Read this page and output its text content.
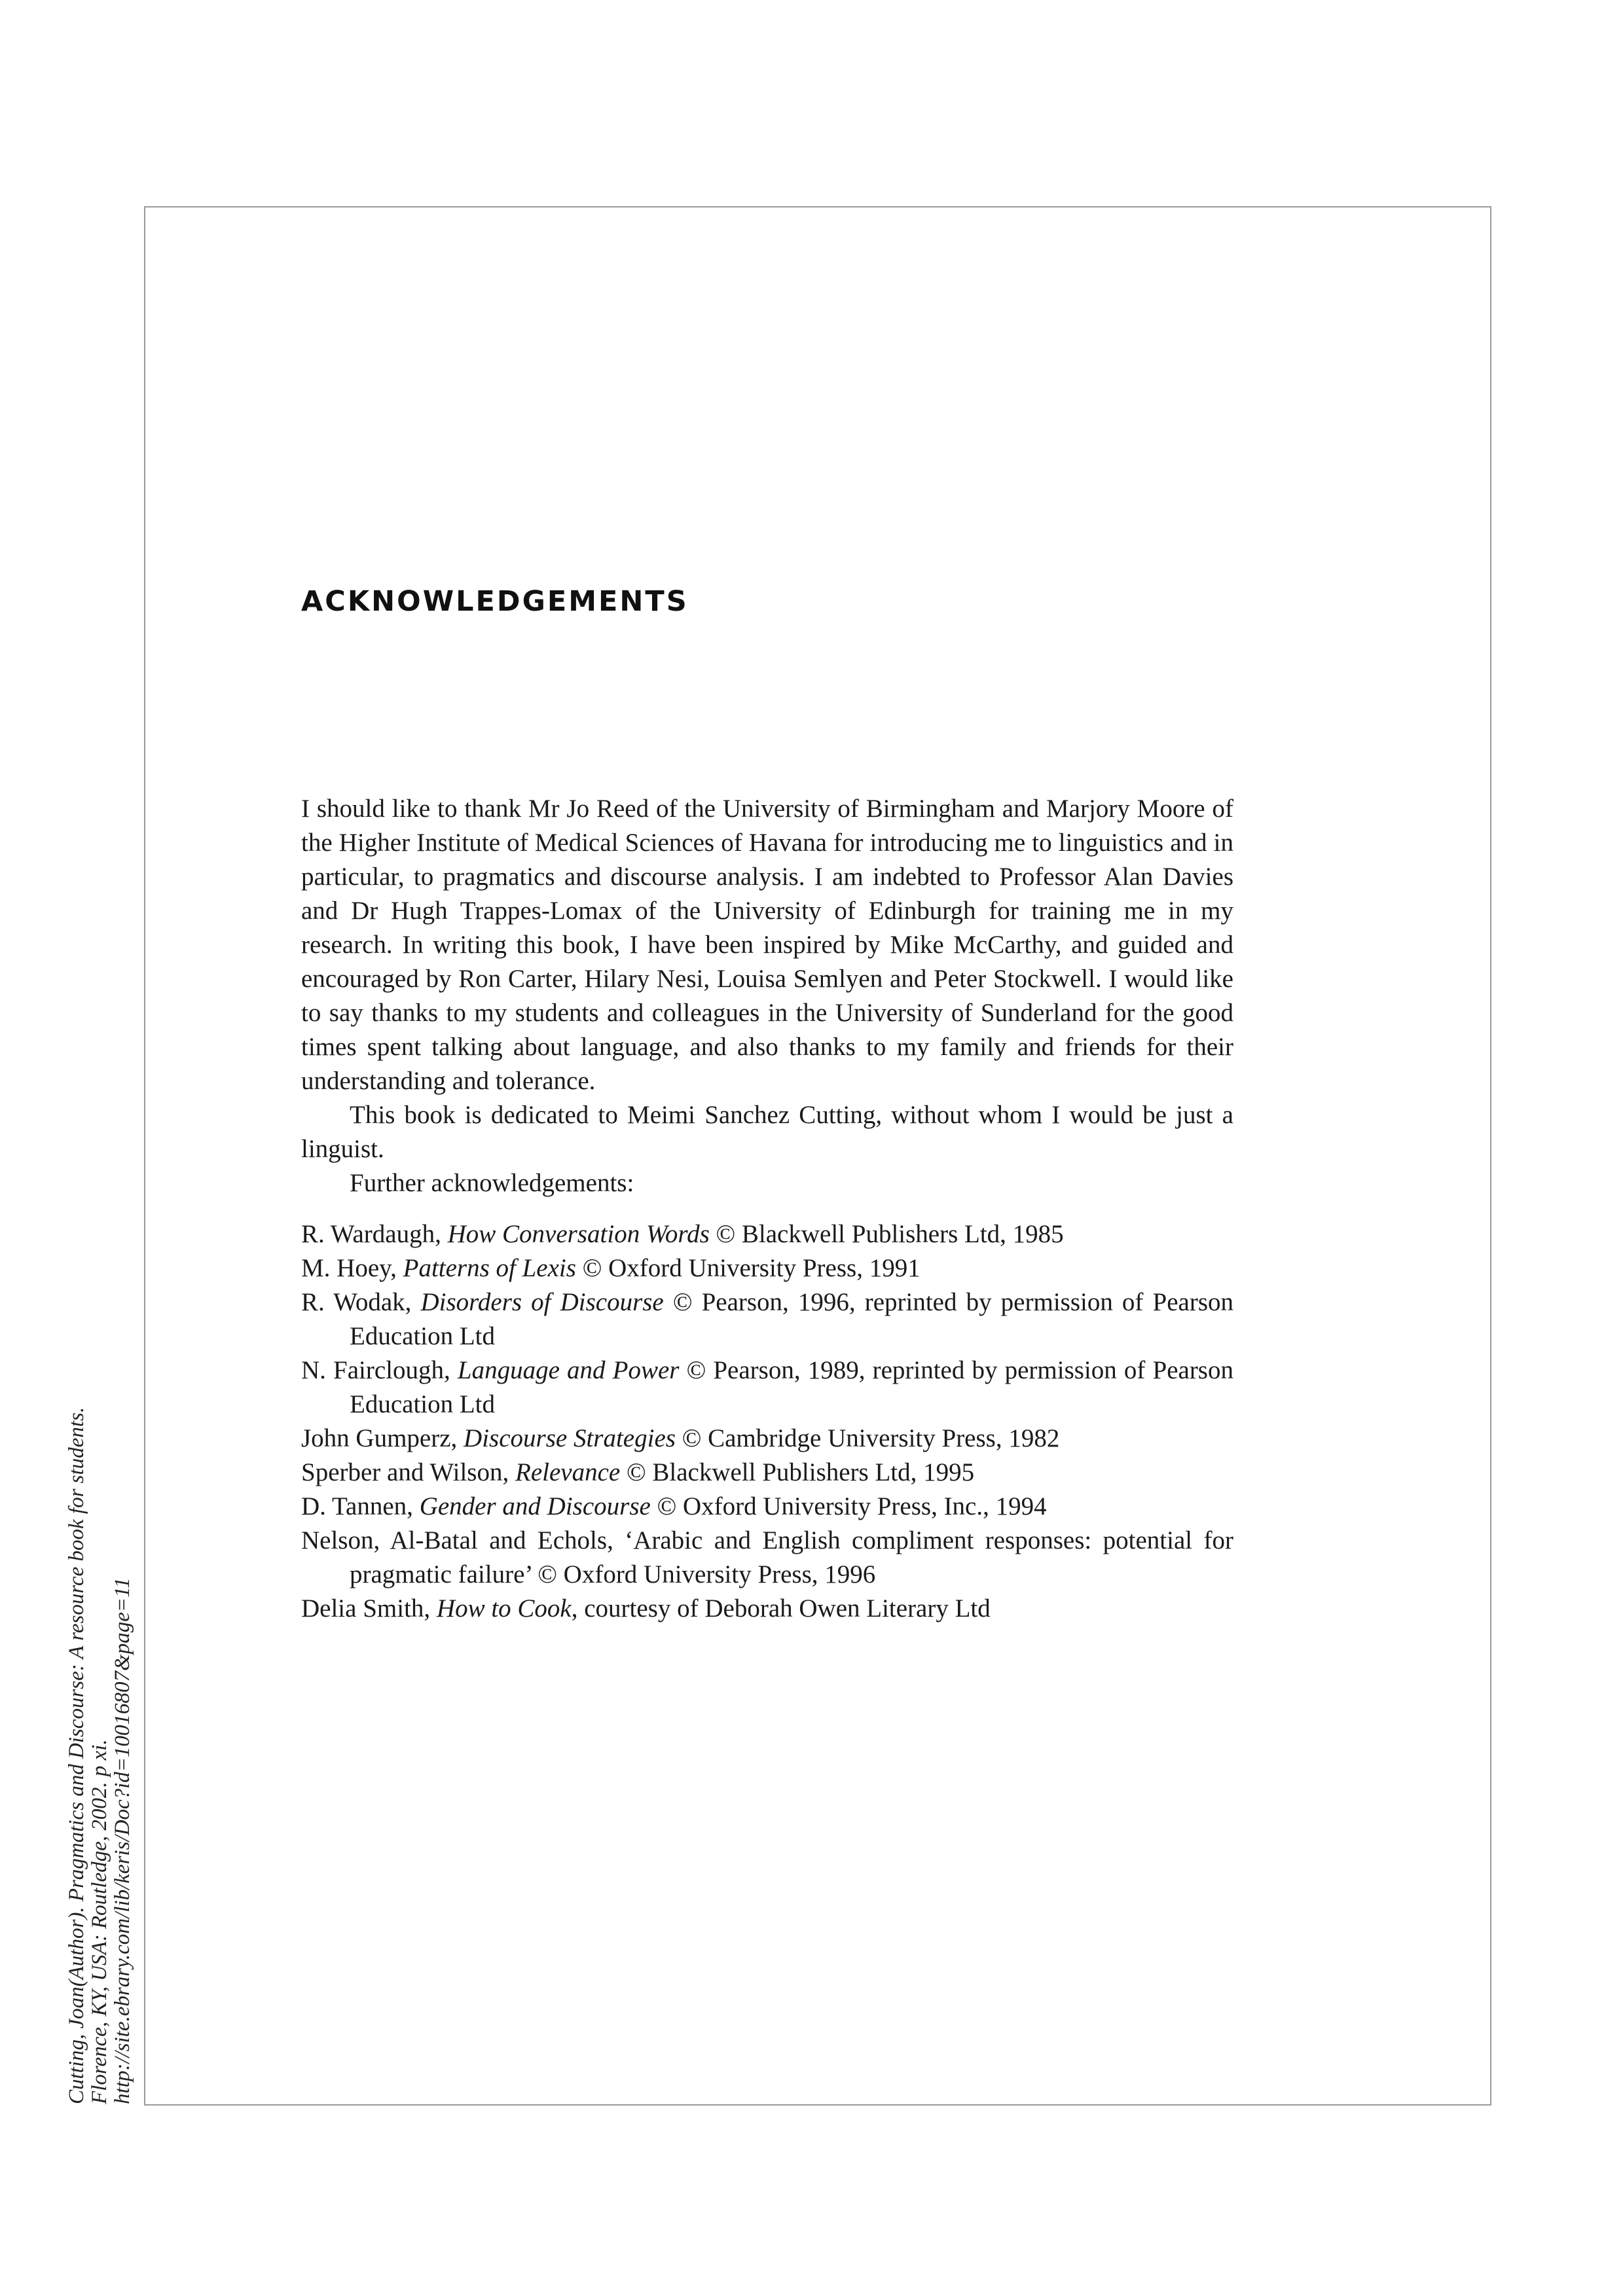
ACKNOWLEDGEMENTS

I should like to thank Mr Jo Reed of the University of Birmingham and Marjory Moore of the Higher Institute of Medical Sciences of Havana for introducing me to linguistics and in particular, to pragmatics and discourse analysis. I am indebted to Professor Alan Davies and Dr Hugh Trappes-Lomax of the University of Edinburgh for training me in my research. In writing this book, I have been inspired by Mike McCarthy, and guided and encouraged by Ron Carter, Hilary Nesi, Louisa Semlyen and Peter Stockwell. I would like to say thanks to my students and colleagues in the University of Sunderland for the good times spent talking about language, and also thanks to my family and friends for their understanding and tolerance.

This book is dedicated to Meimi Sanchez Cutting, without whom I would be just a linguist.

Further acknowledgements:

R. Wardaugh, How Conversation Words © Blackwell Publishers Ltd, 1985
M. Hoey, Patterns of Lexis © Oxford University Press, 1991
R. Wodak, Disorders of Discourse © Pearson, 1996, reprinted by permission of Pearson Education Ltd
N. Fairclough, Language and Power © Pearson, 1989, reprinted by permission of Pearson Education Ltd
John Gumperz, Discourse Strategies © Cambridge University Press, 1982
Sperber and Wilson, Relevance © Blackwell Publishers Ltd, 1995
D. Tannen, Gender and Discourse © Oxford University Press, Inc., 1994
Nelson, Al-Batal and Echols, ‘Arabic and English compliment responses: potential for pragmatic failure’ © Oxford University Press, 1996
Delia Smith, How to Cook, courtesy of Deborah Owen Literary Ltd
Cutting, Joan(Author). Pragmatics and Discourse: A resource book for students. Florence, KY, USA: Routledge, 2002. p xi. http://site.ebrary.com/lib/keris/Doc?id=10016807&page=11
